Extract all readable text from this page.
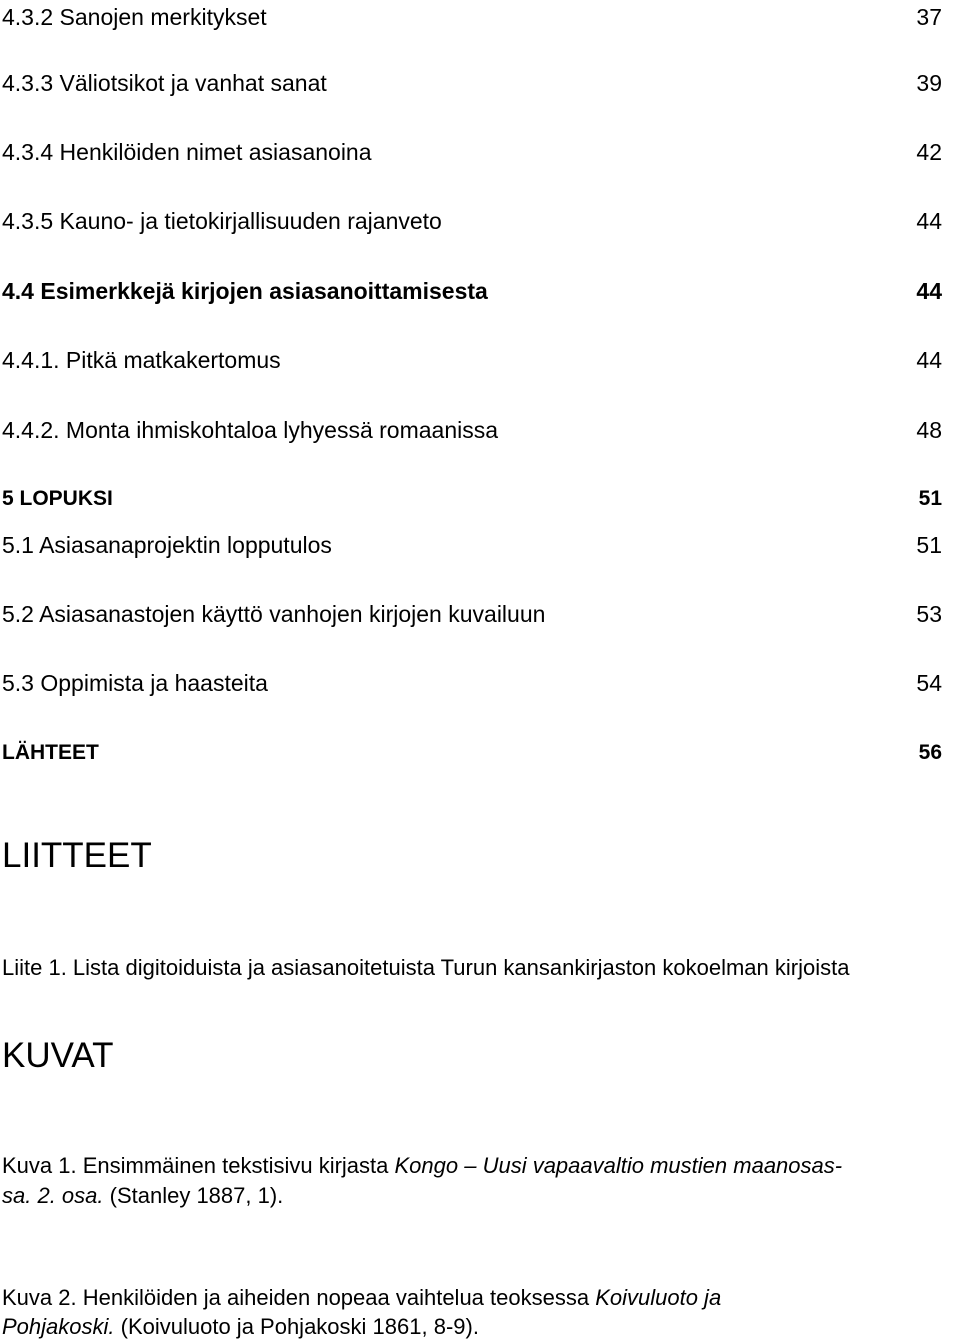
4.3.2 Sanojen merkitykset	37
4.3.3 Väliotsikot ja vanhat sanat	39
4.3.4 Henkilöiden nimet asiasanoina	42
4.3.5 Kauno- ja tietokirjallisuuden rajanveto	44
4.4 Esimerkkejä kirjojen asiasanoittamisesta	44
4.4.1. Pitkä matkakertomus	44
4.4.2. Monta ihmiskohtaloa lyhyessä romaanissa	48
5 LOPUKSI	51
5.1 Asiasanaprojektin lopputulos	51
5.2 Asiasanastojen käyttö vanhojen kirjojen kuvailuun	53
5.3 Oppimista ja haasteita	54
LÄHTEET	56
LIITTEET
Liite 1. Lista digitoiduista ja asiasanoitetuista Turun kansankirjaston kokoelman kirjoista
KUVAT
Kuva 1. Ensimmäinen tekstisivu kirjasta Kongo – Uusi vapaavaltio mustien maanosas-
sa. 2. osa. (Stanley 1887, 1).
Kuva 2. Henkilöiden ja aiheiden nopeaa vaihtelua teoksessa Koivuluoto ja
Pohjakoski. (Koivuluoto ja Pohjakoski 1861, 8-9).
